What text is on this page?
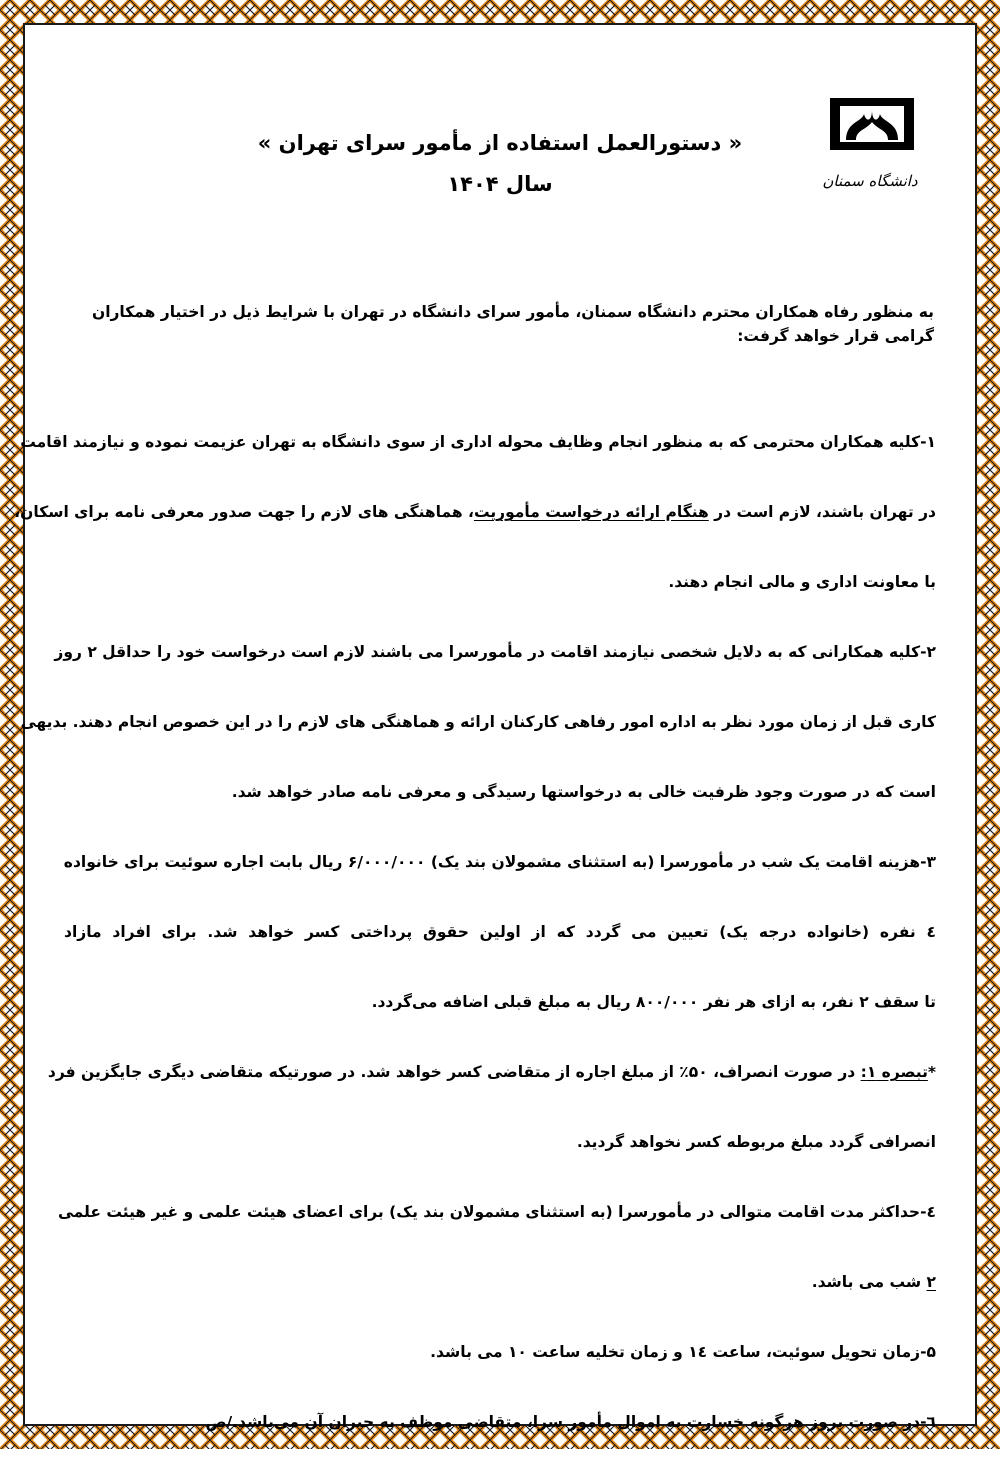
دانشگاه سمنان
« دستورالعمل استفاده از مأمور سرای تهران »
سال ۱۴۰۴
به منظور رفاه همکاران محترم دانشگاه سمنان، مأمور سرای دانشگاه در تهران با شرایط ذیل در اختیار همکاران گرامی قرار خواهد گرفت:
۱-کلیه همکاران محترمی که به منظور انجام وظایف محوله اداری از سوی دانشگاه به تهران عزیمت نموده و نیازمند اقامت
در تهران باشند، لازم است در هنگام ارائه درخواست مأموریت، هماهنگی های لازم را جهت صدور معرفی نامه برای اسکان،
با معاونت اداری و مالی انجام دهند.
۲-کلیه همکارانی که به دلایل شخصی نیازمند اقامت در مأمورسرا می باشند لازم است درخواست خود را حداقل ۲ روز
کاری قبل از زمان مورد نظر به اداره امور رفاهی کارکنان ارائه و هماهنگی های لازم را در این خصوص انجام دهند. بدیهی
است که در صورت وجود ظرفیت خالی به درخواستها رسیدگی و معرفی نامه صادر خواهد شد.
۳-هزینه اقامت یک شب در مأمورسرا (به استثنای مشمولان بند یک) ۶/۰۰۰/۰۰۰ ریال بابت اجاره سوئیت برای خانواده
٤ نفره (خانواده درجه یک) تعیین می گردد که از اولین حقوق پرداختی کسر خواهد شد. برای افراد مازاد
تا سقف ۲ نفر، به ازای هر نفر ۸۰۰/۰۰۰ ریال به مبلغ قبلی اضافه می‌گردد.
*تبصره ۱: در صورت انصراف، ۵۰٪ از مبلغ اجاره از متقاضی کسر خواهد شد. در صورتیکه متقاضی دیگری جایگزین فرد
انصرافی گردد مبلغ مربوطه کسر نخواهد گردید.
٤-حداکثر مدت اقامت متوالی در مأمورسرا (به استثنای مشمولان بند یک) برای اعضای هیئت علمی و غیر هیئت علمی
۲ شب می باشد.
۵-زمان تحویل سوئیت، ساعت ١٤ و زمان تخلیه ساعت ١٠ می باشد.
٦-در صورت بروز هرگونه خسارت به اموال مأمور سرا، متقاضی موظف به جبران آن می‌باشد./ص
